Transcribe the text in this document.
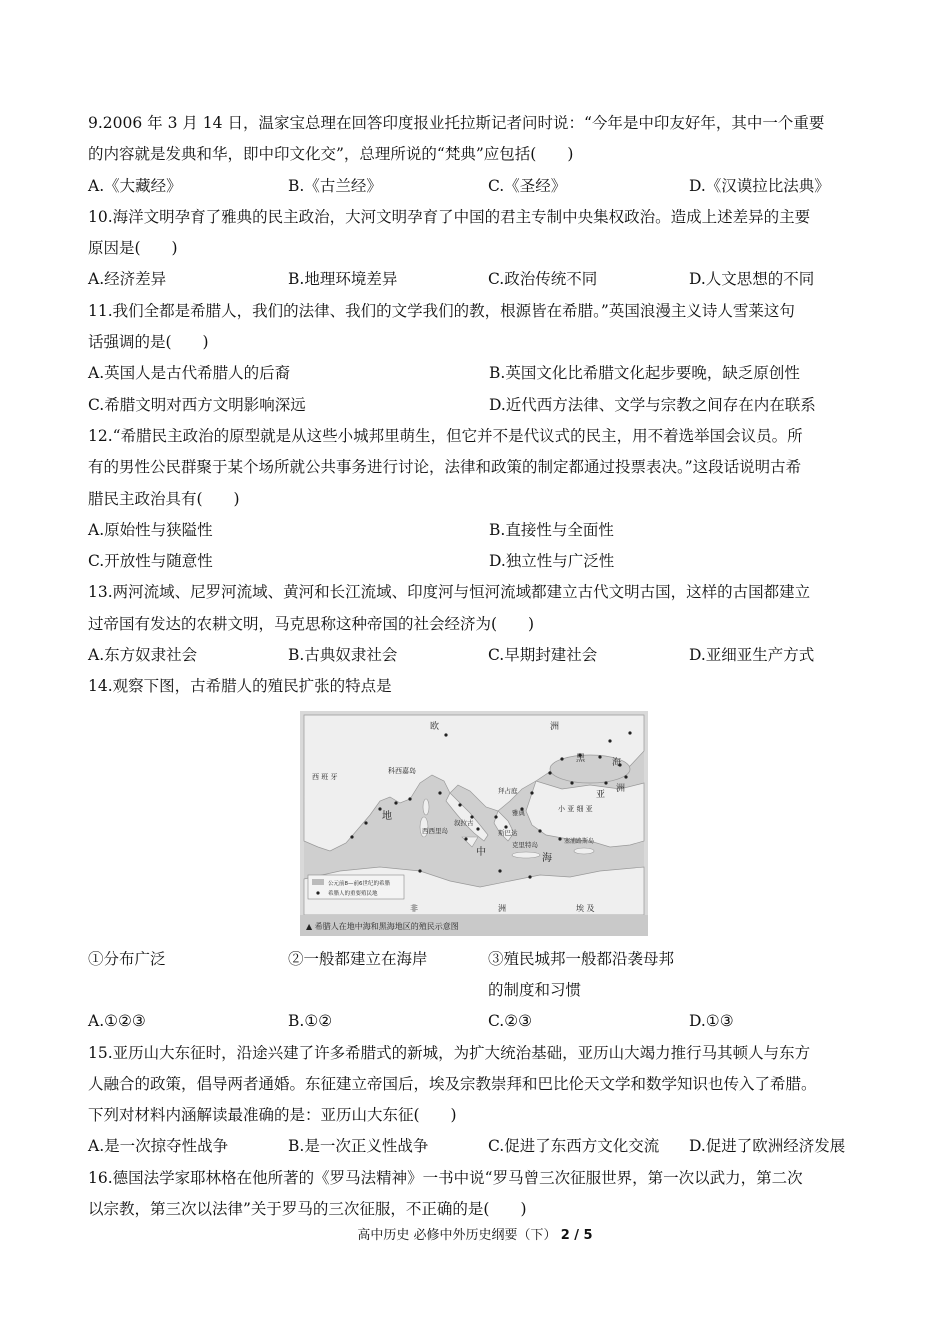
9.2006 年 3 月 14 日，温家宝总理在回答印度报业托拉斯记者问时说：“今年是中印友好年，其中一个重要

的内容就是发典和华，即中印文化交”，总理所说的“梵典”应包括(　　)

A.《大藏经》	B.《古兰经》	C.《圣经》	D.《汉谟拉比法典》

10.海洋文明孕育了雅典的民主政治，大河文明孕育了中国的君主专制中央集权政治。造成上述差异的主要

原因是(　　)

A.经济差异	B.地理环境差异	C.政治传统不同	D.人文思想的不同

11.我们全都是希腊人，我们的法律、我们的文学我们的教，根源皆在希腊。”英国浪漫主义诗人雪莱这句

话强调的是(　　)

A.英国人是古代希腊人的后裔	B.英国文化比希腊文化起步要晚，缺乏原创性
C.希腊文明对西方文明影响深远	D.近代西方法律、文学与宗教之间存在内在联系

12.“希腊民主政治的原型就是从这些小城邦里萌生，但它并不是代议式的民主，用不着选举国会议员。所

有的男性公民群聚于某个场所就公共事务进行讨论，法律和政策的制定都通过投票表决。”这段话说明古希

腊民主政治具有(　　)

A.原始性与狭隘性	B.直接性与全面性
C.开放性与随意性	D.独立性与广泛性

13.两河流域、尼罗河流域、黄河和长江流域、印度河与恒河流域都建立古代文明古国，这样的古国都建立

过帝国有发达的农耕文明，马克思称这种帝国的社会经济为(　　)

A.东方奴隶社会	B.古典奴隶社会	C.早期封建社会	D.亚细亚生产方式

14.观察下图，古希腊人的殖民扩张的特点是

欧	洲
西 班 牙
科西嘉岛
拜占庭
黑	海
亚
洲
小 亚 细 亚
西西里岛
叙拉古
雅典
斯巴达
克里特岛	塞浦路斯岛
地
中
海
非	洲	埃 及
公元前8—前6世纪的希腊
希腊人的重要殖民地
▲ 希腊人在地中海和黑海地区的殖民示意图
①分布广泛	②一般都建立在海岸	③殖民城邦一般都沿袭母邦的制度和习惯
A.①②③	B.①②	C.②③	D.①③

15.亚历山大东征时，沿途兴建了许多希腊式的新城，为扩大统治基础，亚历山大竭力推行马其顿人与东方

人融合的政策，倡导两者通婚。东征建立帝国后，埃及宗教崇拜和巴比伦天文学和数学知识也传入了希腊。

下列对材料内涵解读最准确的是：亚历山大东征(　　)

A.是一次掠夺性战争	B.是一次正义性战争	C.促进了东西方文化交流	D.促进了欧洲经济发展

16.德国法学家耶林格在他所著的《罗马法精神》一书中说“罗马曾三次征服世界，第一次以武力，第二次

以宗教，第三次以法律”关于罗马的三次征服，不正确的是(　　)

高中历史 必修中外历史纲要（下） 2 / 5
